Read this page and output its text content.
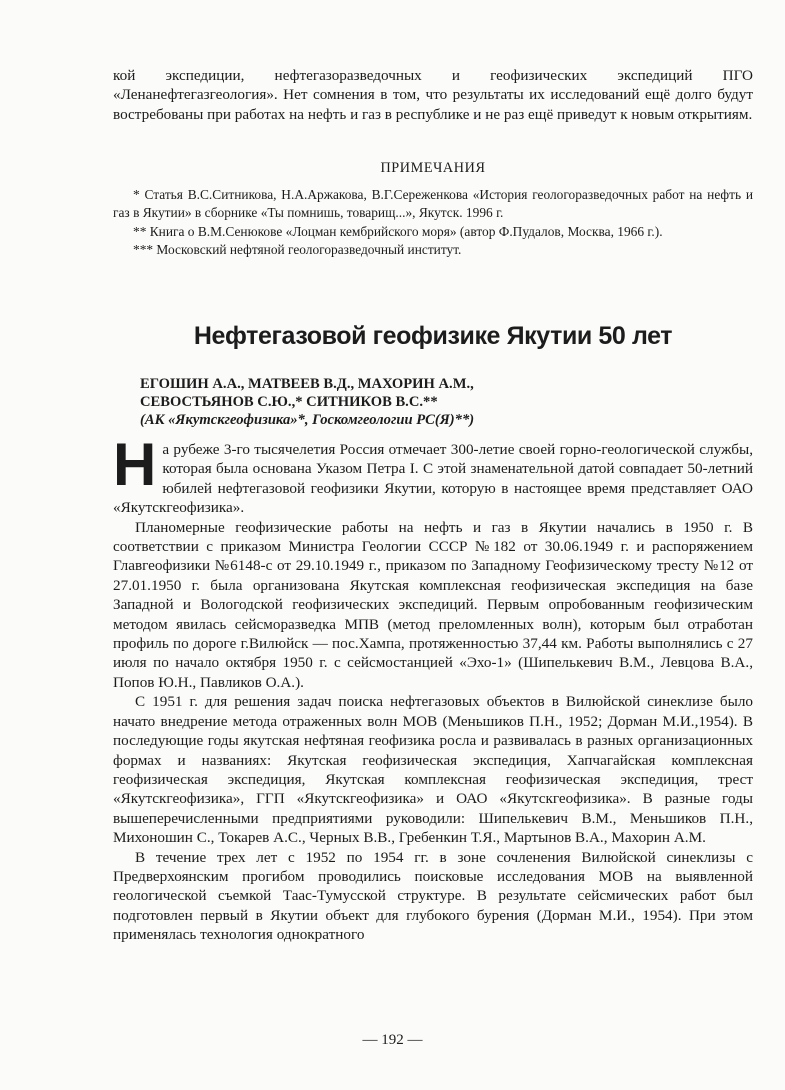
кой экспедиции, нефтегазоразведочных и геофизических экспедиций ПГО «Ленанефтегазгеология». Нет сомнения в том, что результаты их исследований ещё долго будут востребованы при работах на нефть и газ в республике и не раз ещё приведут к новым открытиям.

ПРИМЕЧАНИЯ

* Статья В.С.Ситникова, Н.А.Аржакова, В.Г.Сереженкова «История геологоразведочных работ на нефть и газ в Якутии» в сборнике «Ты помнишь, товарищ...», Якутск. 1996 г.

** Книга о В.М.Сенюкове «Лоцман кембрийского моря» (автор Ф.Пудалов, Москва, 1966 г.).

*** Московский нефтяной геологоразведочный институт.

Нефтегазовой геофизике Якутии 50 лет
ЕГОШИН А.А., МАТВЕЕВ В.Д., МАХОРИН А.М.,
СЕВОСТЬЯНОВ С.Ю.,* СИТНИКОВ В.С.**
(АК «Якутскгеофизика»*, Госкомгеологии РС(Я)**)

На рубеже 3-го тысячелетия Россия отмечает 300-летие своей горно-геологической службы, которая была основана Указом Петра I. С этой знаменательной датой совпадает 50-летний юбилей нефтегазовой геофизики Якутии, которую в настоящее время представляет ОАО «Якутскгеофизика».

Планомерные геофизические работы на нефть и газ в Якутии начались в 1950 г. В соответствии с приказом Министра Геологии СССР №182 от 30.06.1949 г. и распоряжением Главгеофизики №6148-с от 29.10.1949 г., приказом по Западному Геофизическому тресту №12 от 27.01.1950 г. была организована Якутская комплексная геофизическая экспедиция на базе Западной и Вологодской геофизических экспедиций. Первым опробованным геофизическим методом явилась сейсморазведка МПВ (метод преломленных волн), которым был отработан профиль по дороге г.Вилюйск — пос.Хампа, протяженностью 37,44 км. Работы выполнялись с 27 июля по начало октября 1950 г. с сейсмостанцией «Эхо-1» (Шипелькевич В.М., Левцова В.А., Попов Ю.Н., Павликов О.А.).

С 1951 г. для решения задач поиска нефтегазовых объектов в Вилюйской синеклизе было начато внедрение метода отраженных волн МОВ (Меньшиков П.Н., 1952; Дорман М.И.,1954). В последующие годы якутская нефтяная геофизика росла и развивалась в разных организационных формах и названиях: Якутская геофизическая экспедиция, Хапчагайская комплексная геофизическая экспедиция, Якутская комплексная геофизическая экспедиция, трест «Якутскгеофизика», ГГП «Якутскгеофизика» и ОАО «Якутскгеофизика». В разные годы вышеперечисленными предприятиями руководили: Шипелькевич В.М., Меньшиков П.Н., Михоношин С., Токарев А.С., Черных В.В., Гребенкин Т.Я., Мартынов В.А., Махорин А.М.

В течение трех лет с 1952 по 1954 гг. в зоне сочленения Вилюйской синеклизы с Предверхоянским прогибом проводились поисковые исследования МОВ на выявленной геологической съемкой Таас-Тумусской структуре. В результате сейсмических работ был подготовлен первый в Якутии объект для глубокого бурения (Дорман М.И., 1954). При этом применялась технология однократного

— 192 —
